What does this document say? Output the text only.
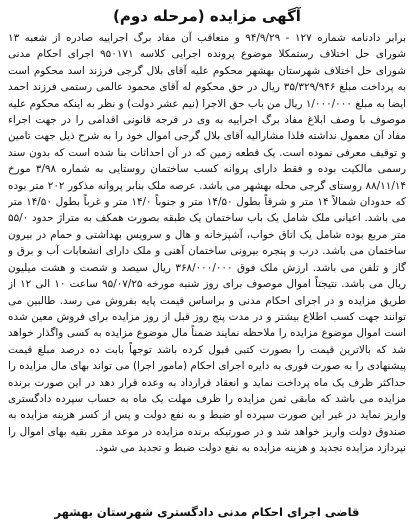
آگهی مزایده (مرحله دوم)

برابر دادنامه شماره ۱۲۷ - ۹۴/۹/۲۹ و متعاقب آن مفاد برگ اجراییه صادره از شعبه ۱۳ شورای حل اختلاف رستمکلا موضوع پرونده اجرایی کلاسه ۹۵۰۱۷۱ اجرای احکام مدنی شورای حل اختلاف شهرستان بهشهر محکوم علیه آقای بلال گرجی فرزند اسد محکوم است به پرداخت مبلغ ۳۵/۳۲۹/۹۴۶ ریال در حق محکوم له آقای محمود عالمی رستمی فرزند احمد ایضا به مبلغ ۱/۰۰۰/۰۰۰ ریال من باب حق الاجرا (نیم عشر دولت) و نظر به اینکه محکوم علیه موصوف با وصف ابلاغ مفاد برگ اجراییه به وی در فرجه قانونی اقدامی را در جهت اجراء مفاد آن معمول نداشته فلذا مشارالیه آقای بلال گرجی اموال خود را به شرح ذیل جهت تامین و توقیف معرفی نموده است. یک قطعه زمین که در آن احداثات بنا شده است که بدون سند رسمی مالکیت بوده و فقط دارای پروانه کسب ساختمان روستایی به شماره ۳/۹۸ مورخ ۸۸/۱۱/۱۴ روستای گرجی محله بهشهر می باشد. عرصه ملک بنابر پروانه مذکور ۲۰۲ متر بوده که حدودان شمالاً ۱۴ متر و شرقاً بطول ۱۴/۵۰ متر و جنوباً ۱۴/۰ متر و غرباً بطول ۱۴/۵۰ متر می باشد. اعیانی ملک شامل یک باب ساختمان یک طبقه بصورت همکف به متراژ حدود ۵۵/۰ متر مربع بوده شامل یک اتاق خواب، آشپزخانه و هال و سرویس بهداشتی و حمام در بیرون ساختمان می باشد. درب و پنجره بیرونی ساختمان آهنی و ملک دارای انشعابات آب و برق و گاز و تلفن می باشد. ارزش ملک فوق ۳۶۸/۰۰۰/۰۰۰ ریال سیصد و شصت و هشت میلیون ریال می باشد. نتیجتاً اموال موصوف برای روز شنبه مورخه ۹۵/۰۷/۲۵ ساعت ۱۰ الی ۱۲ از طریق مزایده و در اجرای احکام مدنی و براساس قیمت پایه بفروش می رسد. طالبین می توانند جهت کسب اطلاع بیشتر و در مدت پنج روز قبل از روز مزایده برای فروش معین شده است اموال موضوع مزایده را ملاحظه نمایند ضمناً مال موضوع مزایده به کسی واگذار خواهد شد که بالاترین قیمت را بصورت کتبی قبول کرده باشد توجهاً بابت ده درصد مبلغ قیمت پیشنهادی را به صورت فوری به دایره اجرای احکام (مامور اجرا) می تواند بهای مال مزایده را حداکثر ظرف یک ماه پرداخت نماید و انعقاد قرارداد به وعده قرار دهد در این صورت برنده مزایده می باشد که مابقی ثمن مزایده را ظرف مهلت یک ماه به حساب سپرده دادگستری واریز نماید در غیر این صورت سپرده او ضبط و به نفع دولت و پس از کسر هزینه مزایده به صندوق دولت واریز خواهد شد و در صورتیکه برنده مزایده در موعد مقرر بقیه بهای اموال را نپردازد مزایده تجدید و هزینه مزایده به نفع دولت ضبط و تجدید می شود.

قاضی اجرای احکام مدنی دادگستری شهرستان بهشهر
